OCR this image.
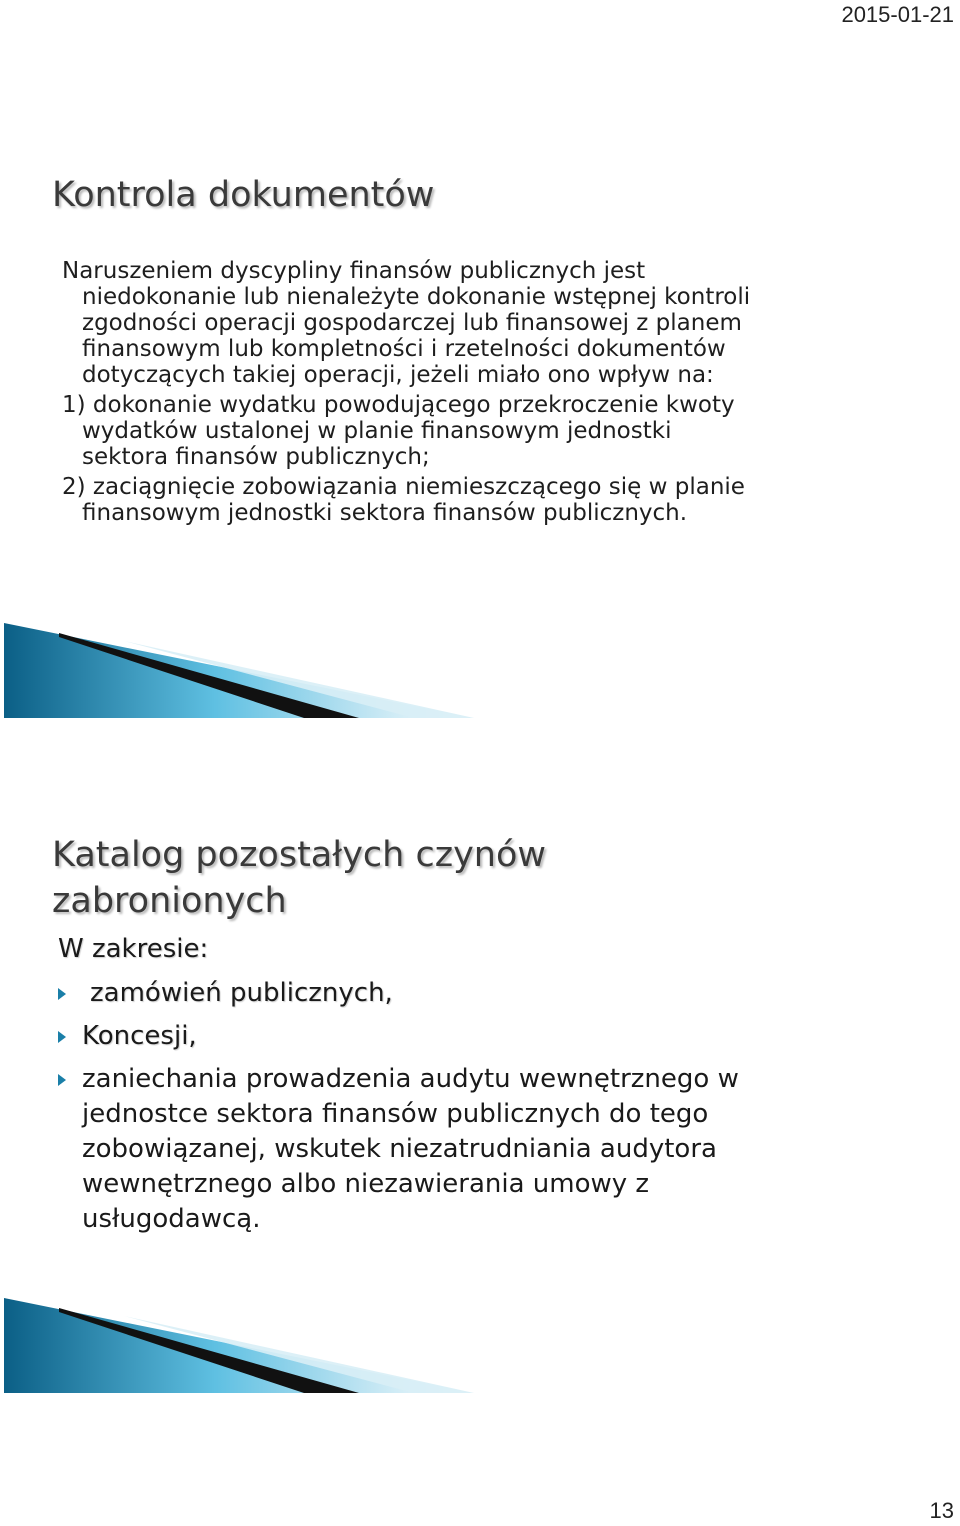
2015-01-21
Kontrola dokumentów

Naruszeniem dyscypliny finansów publicznych jest niedokonanie lub nienależyte dokonanie wstępnej kontroli zgodności operacji gospodarczej lub finansowej z planem finansowym lub kompletności i rzetelności dokumentów dotyczących takiej operacji, jeżeli miało ono wpływ na:

1) dokonanie wydatku powodującego przekroczenie kwoty wydatków ustalonej w planie finansowym jednostki sektora finansów publicznych;

2) zaciągnięcie zobowiązania niemieszczącego się w planie finansowym jednostki sektora finansów publicznych.

Katalog pozostałych czynów
zabronionych
W zakresie:
zamówień publicznych,
Koncesji,
zaniechania prowadzenia audytu wewnętrznego w jednostce sektora finansów publicznych do tego zobowiązanej, wskutek niezatrudniania audytora wewnętrznego albo niezawierania umowy z usługodawcą.
13
